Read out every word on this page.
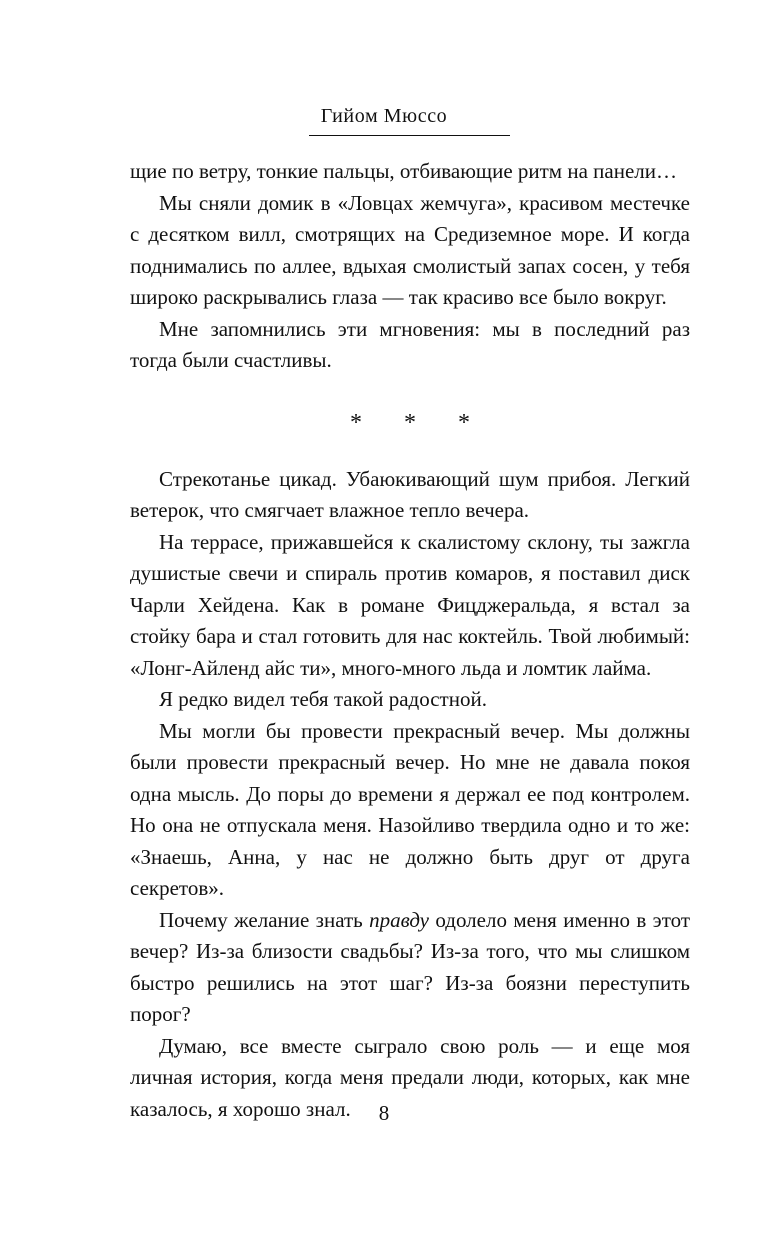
Гийом Мюссо

щие по ветру, тонкие пальцы, отбивающие ритм на панели…

Мы сняли домик в «Ловцах жемчуга», красивом местечке с десятком вилл, смотрящих на Средиземное море. И когда поднимались по аллее, вдыхая смолистый запах сосен, у тебя широко раскрывались глаза — так красиво все было вокруг.

Мне запомнились эти мгновения: мы в последний раз тогда были счастливы.

* * *

Стрекотанье цикад. Убаюкивающий шум прибоя. Легкий ветерок, что смягчает влажное тепло вечера.

На террасе, прижавшейся к скалистому склону, ты зажгла душистые свечи и спираль против комаров, я поставил диск Чарли Хейдена. Как в романе Фицджеральда, я встал за стойку бара и стал готовить для нас коктейль. Твой любимый: «Лонг-Айленд айс ти», много-много льда и ломтик лайма.

Я редко видел тебя такой радостной.

Мы могли бы провести прекрасный вечер. Мы должны были провести прекрасный вечер. Но мне не давала покоя одна мысль. До поры до времени я держал ее под контролем. Но она не отпускала меня. Назойливо твердила одно и то же: «Знаешь, Анна, у нас не должно быть друг от друга секретов».

Почему желание знать правду одолело меня именно в этот вечер? Из-за близости свадьбы? Из-за того, что мы слишком быстро решились на этот шаг? Из-за боязни переступить порог?

Думаю, все вместе сыграло свою роль — и еще моя личная история, когда меня предали люди, которых, как мне казалось, я хорошо знал.	8
